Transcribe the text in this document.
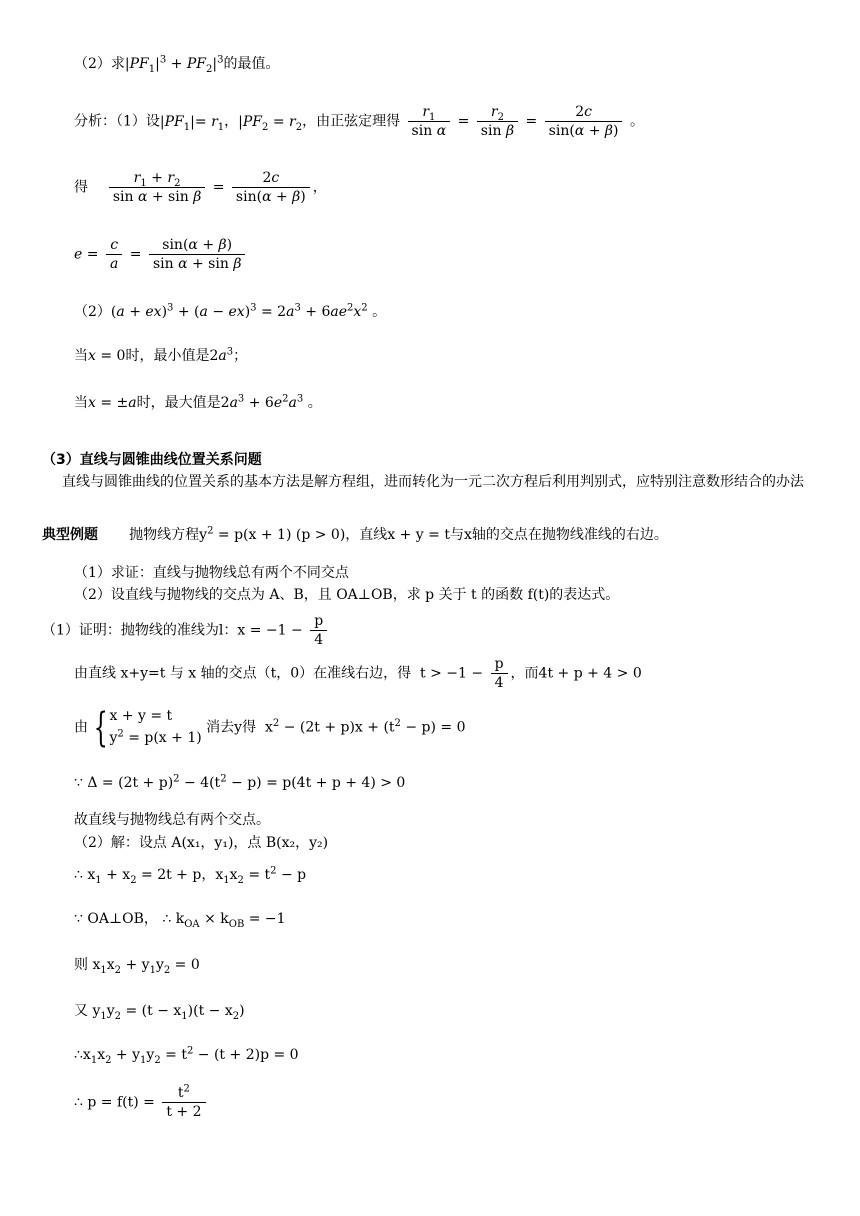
（2）求$|PF_1|^3 + PF_2|^3$的最值。
分析：（1）设$|PF_1|= r_1$，$|PF_2 = r_2$，由正弦定理得 $\frac{r_1}{\text{sin α}} = \frac{r_2}{\text{sin β}} = \frac{2c}{\sin(\alpha + \beta)}$ 。
得 $\frac{r_1 + r_2}{\text{sin α + sin β}} = \frac{2c}{\sin(\alpha + \beta)}$ ，
$e = \frac{c}{a} = \frac{\sin(\alpha + \beta)}{\text{sin α + sin β}}$
$(2)(a + ex)^3 + (a - ex)^3 = 2a^3 + 6ae^2x^2$ 。
当x = 0时，最小值是$2a^3$；
当x = ±a时，最大值是$2a^3 + 6e^2a^3$ 。
（3）直线与圆锥曲线位置关系问题
直线与圆锥曲线的位置关系的基本方法是解方程组，进而转化为一元二次方程后利用判别式，应特别注意数形结合的办法
典型例题 抛物线方程$y^2 = p(x + 1) (p > 0)$，直线x + y = t与x轴的交点在抛物线准线的右边。
（1）求证：直线与抛物线总有两个不同交点
（2）设直线与抛物线的交点为 A、B，且 OA⊥OB，求 p 关于 t 的函数 f(t)的表达式。
（1）证明：抛物线的准线为l：$x = -1 - \frac{p}{4}$
由直线 x+y=t 与 x 轴的交点（t，0）在准线右边，得  $t > -1 - \frac{p}{4}$ ，而4t + p + 4 > 0
由 { x + y = t
$y^2 = p(x + 1)$
消去y得  $x^2 - (2t + p)x + (t^2 - p) = 0$
∵ $\Delta = (2t + p)^2 - 4(t^2 - p) = p(4t + p + 4) > 0$
故直线与抛物线总有两个交点。
（2）解：设点 A(x₁，y₁)，点 B(x₂，y₂)
∴ $x_1 + x_2 = 2t + p$，$x_1x_2 = t^2 - p$
∵ OA⊥OB， ∴ $k_{OA} \times k_{OB} = -1$
则 $x_1x_2 + y_1y_2 = 0$
又 $y_1y_2 = (t - x_1)(t - x_2)$
$\therefore x_1x_2 + y_1y_2 = t^2 - (t + 2)p = 0$
∴ $p = f(t) = \frac{t^2}{t + 2}$
